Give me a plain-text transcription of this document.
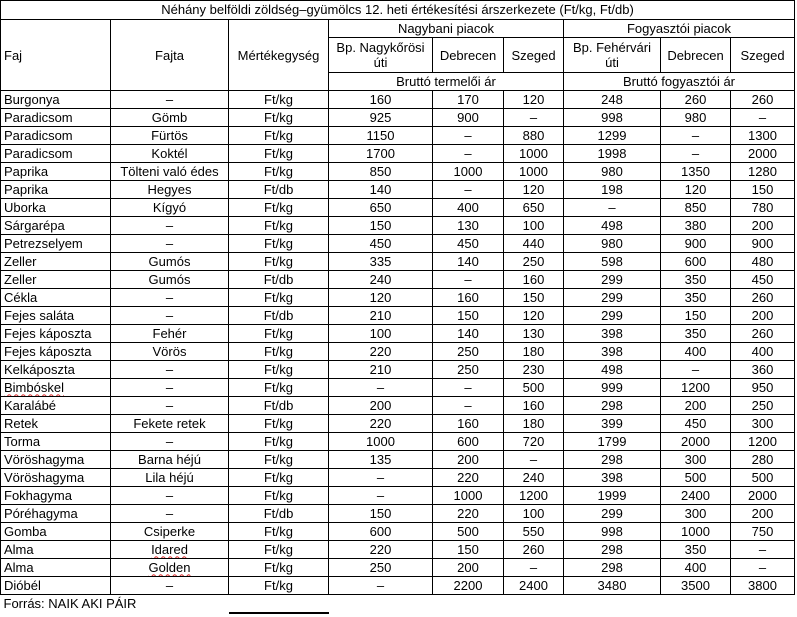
Néhány belföldi zöldség–gyümölcs 12. heti értékesítési árszerkezete (Ft/kg, Ft/db)								
Faj	Fajta	Mértékegység	Nagybani piacok			Fogyasztói piacok		
			Bp. Nagykőrösi úti	Debrecen	Szeged	Bp. Fehérvári úti	Debrecen	Szeged
			Bruttó termelői ár			Bruttó fogyasztói ár		
Burgonya	–	Ft/kg	160	170	120	248	260	260
Paradicsom	Gömb	Ft/kg	925	900	–	998	980	–
Paradicsom	Fürtös	Ft/kg	1150	–	880	1299	–	1300
Paradicsom	Koktél	Ft/kg	1700	–	1000	1998	–	2000
Paprika	Tölteni való édes	Ft/kg	850	1000	1000	980	1350	1280
Paprika	Hegyes	Ft/db	140	–	120	198	120	150
Uborka	Kígyó	Ft/kg	650	400	650	–	850	780
Sárgarépa	–	Ft/kg	150	130	100	498	380	200
Petrezselyem	–	Ft/kg	450	450	440	980	900	900
Zeller	Gumós	Ft/kg	335	140	250	598	600	480
Zeller	Gumós	Ft/db	240	–	160	299	350	450
Cékla	–	Ft/kg	120	160	150	299	350	260
Fejes saláta	–	Ft/db	210	150	120	299	150	200
Fejes káposzta	Fehér	Ft/kg	100	140	130	398	350	260
Fejes káposzta	Vörös	Ft/kg	220	250	180	398	400	400
Kelkáposzta	–	Ft/kg	210	250	230	498	–	360
Bimbóskel	–	Ft/kg	–	–	500	999	1200	950
Karalábé	–	Ft/db	200	–	160	298	200	250
Retek	Fekete retek	Ft/kg	220	160	180	399	450	300
Torma	–	Ft/kg	1000	600	720	1799	2000	1200
Vöröshagyma	Barna héjú	Ft/kg	135	200	–	298	300	280
Vöröshagyma	Lila héjú	Ft/kg	–	220	240	398	500	500
Fokhagyma	–	Ft/kg	–	1000	1200	1999	2400	2000
Póréhagyma	–	Ft/db	150	220	100	299	300	200
Gomba	Csiperke	Ft/kg	600	500	550	998	1000	750
Alma	Idared	Ft/kg	220	150	260	298	350	–
Alma	Golden	Ft/kg	250	200	–	298	400	–
Dióbél	–	Ft/kg	–	2200	2400	3480	3500	3800
Forrás: NAIK AKI PÁIR								
